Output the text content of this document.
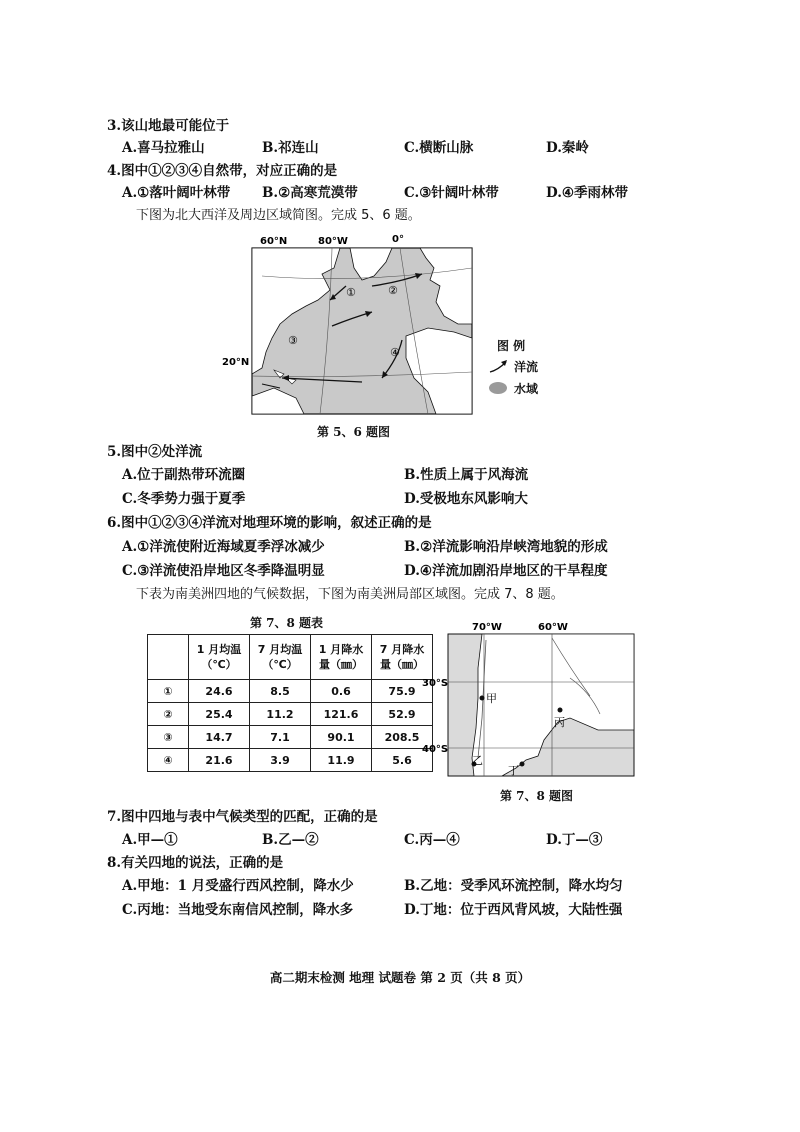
3.该山地最可能位于
A.喜马拉雅山	B.祁连山	C.横断山脉	D.秦岭
4.图中①②③④自然带，对应正确的是
A.①落叶阔叶林带 B.②高寒荒漠带	C.③针阔叶林带	D.④季雨林带
下图为北大西洋及周边区域简图。完成 5、6 题。
60°N	80°W	0°
20°N
①	②
③
④	图 例
洋流
水域
第 5、6 题图
5.图中②处洋流
A.位于副热带环流圈	B.性质上属于风海流
C.冬季势力强于夏季	D.受极地东风影响大
6.图中①②③④洋流对地理环境的影响，叙述正确的是
A.①洋流使附近海域夏季浮冰减少	B.②洋流影响沿岸峡湾地貌的形成
C.③洋流使沿岸地区冬季降温明显	D.④洋流加剧沿岸地区的干旱程度
下表为南美洲四地的气候数据，下图为南美洲局部区域图。完成 7、8 题。
第 7、8 题表
	1 月均温
（℃）	7 月均温
（℃）	1 月降水
量（㎜）	7 月降水
量（㎜）
①	24.6	8.5	0.6	75.9
②	25.4	11.2	121.6	52.9
③	14.7	7.1	90.1	208.5
④	21.6	3.9	11.9	5.6
70°W	60°W
30°S
40°S
甲
乙
丙
丁
第 7、8 题图
7.图中四地与表中气候类型的匹配，正确的是
A.甲—①	B.乙—②	C.丙—④	D.丁—③
8.有关四地的说法，正确的是
A.甲地：1 月受盛行西风控制，降水少	B.乙地：受季风环流控制，降水均匀
C.丙地：当地受东南信风控制，降水多	D.丁地：位于西风背风坡，大陆性强
高二期末检测 地理 试题卷 第 2 页（共 8 页）
